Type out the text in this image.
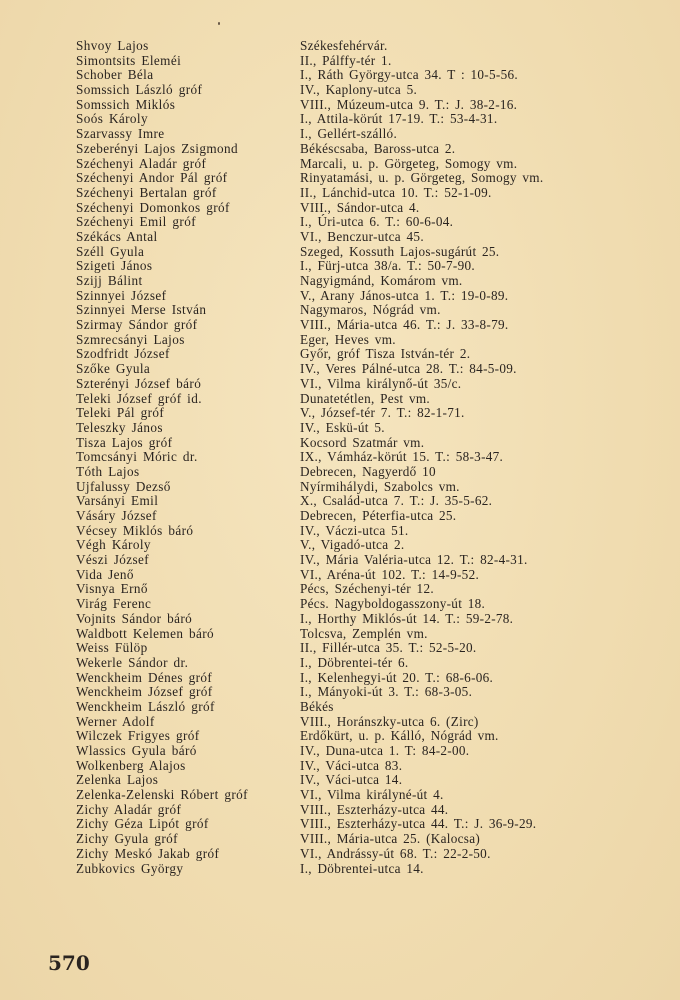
Shvoy Lajos	Székesfehérvár.
Simontsits Eleméi	II., Pálffy-tér 1.
Schober Béla	I., Ráth György-utca 34. T : 10-5-56.
Somssich László gróf	IV., Kaplony-utca 5.
Somssich Miklós	VIII., Múzeum-utca 9. T.: J. 38-2-16.
Soós Károly	I., Attila-körút 17-19. T.: 53-4-31.
Szarvassy Imre	I., Gellért-szálló.
Szeberényi Lajos Zsigmond	Békéscsaba, Baross-utca 2.
Széchenyi Aladár gróf	Marcali, u. p. Görgeteg, Somogy vm.
Széchenyi Andor Pál gróf	Rinyatamási, u. p. Görgeteg, Somogy vm.
Széchenyi Bertalan gróf	II., Lánchid-utca 10. T.: 52-1-09.
Széchenyi Domonkos gróf	VIII., Sándor-utca 4.
Széchenyi Emil gróf	I., Úri-utca 6. T.: 60-6-04.
Székács Antal	VI., Benczur-utca 45.
Széll Gyula	Szeged, Kossuth Lajos-sugárút 25.
Szigeti János	I., Fürj-utca 38/a. T.: 50-7-90.
Szijj Bálint	Nagyigmánd, Komárom vm.
Szinnyei József	V., Arany János-utca 1. T.: 19-0-89.
Szinnyei Merse István	Nagymaros, Nógrád vm.
Szirmay Sándor gróf	VIII., Mária-utca 46. T.: J. 33-8-79.
Szmrecsányi Lajos	Eger, Heves vm.
Szodfridt József	Győr, gróf Tisza István-tér 2.
Szőke Gyula	IV., Veres Pálné-utca 28. T.: 84-5-09.
Szterényi József báró	VI., Vilma királynő-út 35/c.
Teleki József gróf id.	Dunatetétlen, Pest vm.
Teleki Pál gróf	V., József-tér 7. T.: 82-1-71.
Teleszky János	IV., Eskü-út 5.
Tisza Lajos gróf	Kocsord Szatmár vm.
Tomcsányi Móric dr.	IX., Vámház-körút 15. T.: 58-3-47.
Tóth Lajos	Debrecen, Nagyerdő 10
Ujfalussy Dezső	Nyírmihálydi, Szabolcs vm.
Varsányi Emil	X., Család-utca 7. T.: J. 35-5-62.
Vásáry József	Debrecen, Péterfia-utca 25.
Vécsey Miklós báró	IV., Váczi-utca 51.
Végh Károly	V., Vigadó-utca 2.
Vészi József	IV., Mária Valéria-utca 12. T.: 82-4-31.
Vida Jenő	VI., Aréna-út 102. T.: 14-9-52.
Visnya Ernő	Pécs, Széchenyi-tér 12.
Virág Ferenc	Pécs. Nagyboldogasszony-út 18.
Vojnits Sándor báró	I., Horthy Miklós-út 14. T.: 59-2-78.
Waldbott Kelemen báró	Tolcsva, Zemplén vm.
Weiss Fülöp	II., Fillér-utca 35. T.: 52-5-20.
Wekerle Sándor dr.	I., Döbrentei-tér 6.
Wenckheim Dénes gróf	I., Kelenhegyi-út 20. T.: 68-6-06.
Wenckheim József gróf	I., Mányoki-út 3. T.: 68-3-05.
Wenckheim László gróf	Békés
Werner Adolf	VIII., Horánszky-utca 6. (Zirc)
Wilczek Frigyes gróf	Erdőkürt, u. p. Kálló, Nógrád vm.
Wlassics Gyula báró	IV., Duna-utca 1. T: 84-2-00.
Wolkenberg Alajos	IV., Váci-utca 83.
Zelenka Lajos	IV., Váci-utca 14.
Zelenka-Zelenski Róbert gróf	VI., Vilma királyné-út 4.
Zichy Aladár gróf	VIII., Eszterházy-utca 44.
Zichy Géza Lipót gróf	VIII., Eszterházy-utca 44. T.: J. 36-9-29.
Zichy Gyula gróf	VIII., Mária-utca 25. (Kalocsa)
Zichy Meskó Jakab gróf	VI., Andrássy-út 68. T.: 22-2-50.
Zubkovics György	I., Döbrentei-utca 14.
570
